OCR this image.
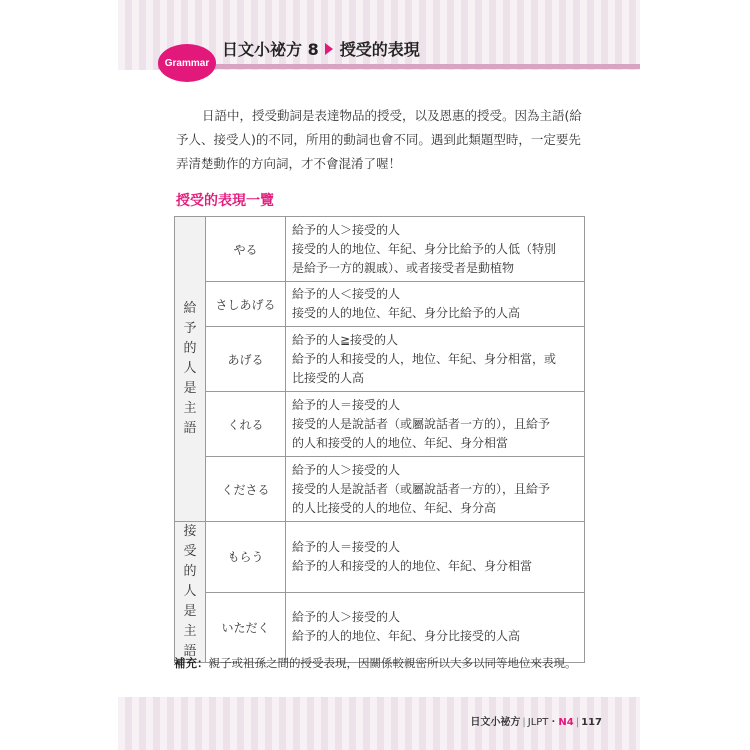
Grammar
日文小祕方 8 授受的表現
日語中，授受動詞是表達物品的授受，以及恩惠的授受。因為主語(給
予人、接受人)的不同，所用的動詞也會不同。遇到此類題型時，一定要先
弄清楚動作的方向詞，才不會混淆了喔！
授受的表現一覽
給予的人是主語	やる	給予的人＞接受的人
接受的人的地位、年紀、身分比給予的人低（特別
是給予一方的親戚）、或者接受者是動植物

	さしあげる	給予的人＜接受的人
接受的人的地位、年紀、身分比給予的人高

	あげる	給予的人≧接受的人
給予的人和接受的人，地位、年紀、身分相當，或
比接受的人高

	くれる	給予的人＝接受的人
接受的人是說話者（或屬說話者一方的），且給予
的人和接受的人的地位、年紀、身分相當

	くださる	給予的人＞接受的人
接受的人是說話者（或屬說話者一方的），且給予
的人比接受的人的地位、年紀、身分高

接受的人是主語	もらう	給予的人＝接受的人
給予的人和接受的人的地位、年紀、身分相當

	いただく	給予的人＞接受的人
給予的人的地位、年紀、身分比接受的人高
補充：親子或祖孫之間的授受表現，因關係較親密所以大多以同等地位來表現。
日文小祕方 | JLPT・N4 | 117
